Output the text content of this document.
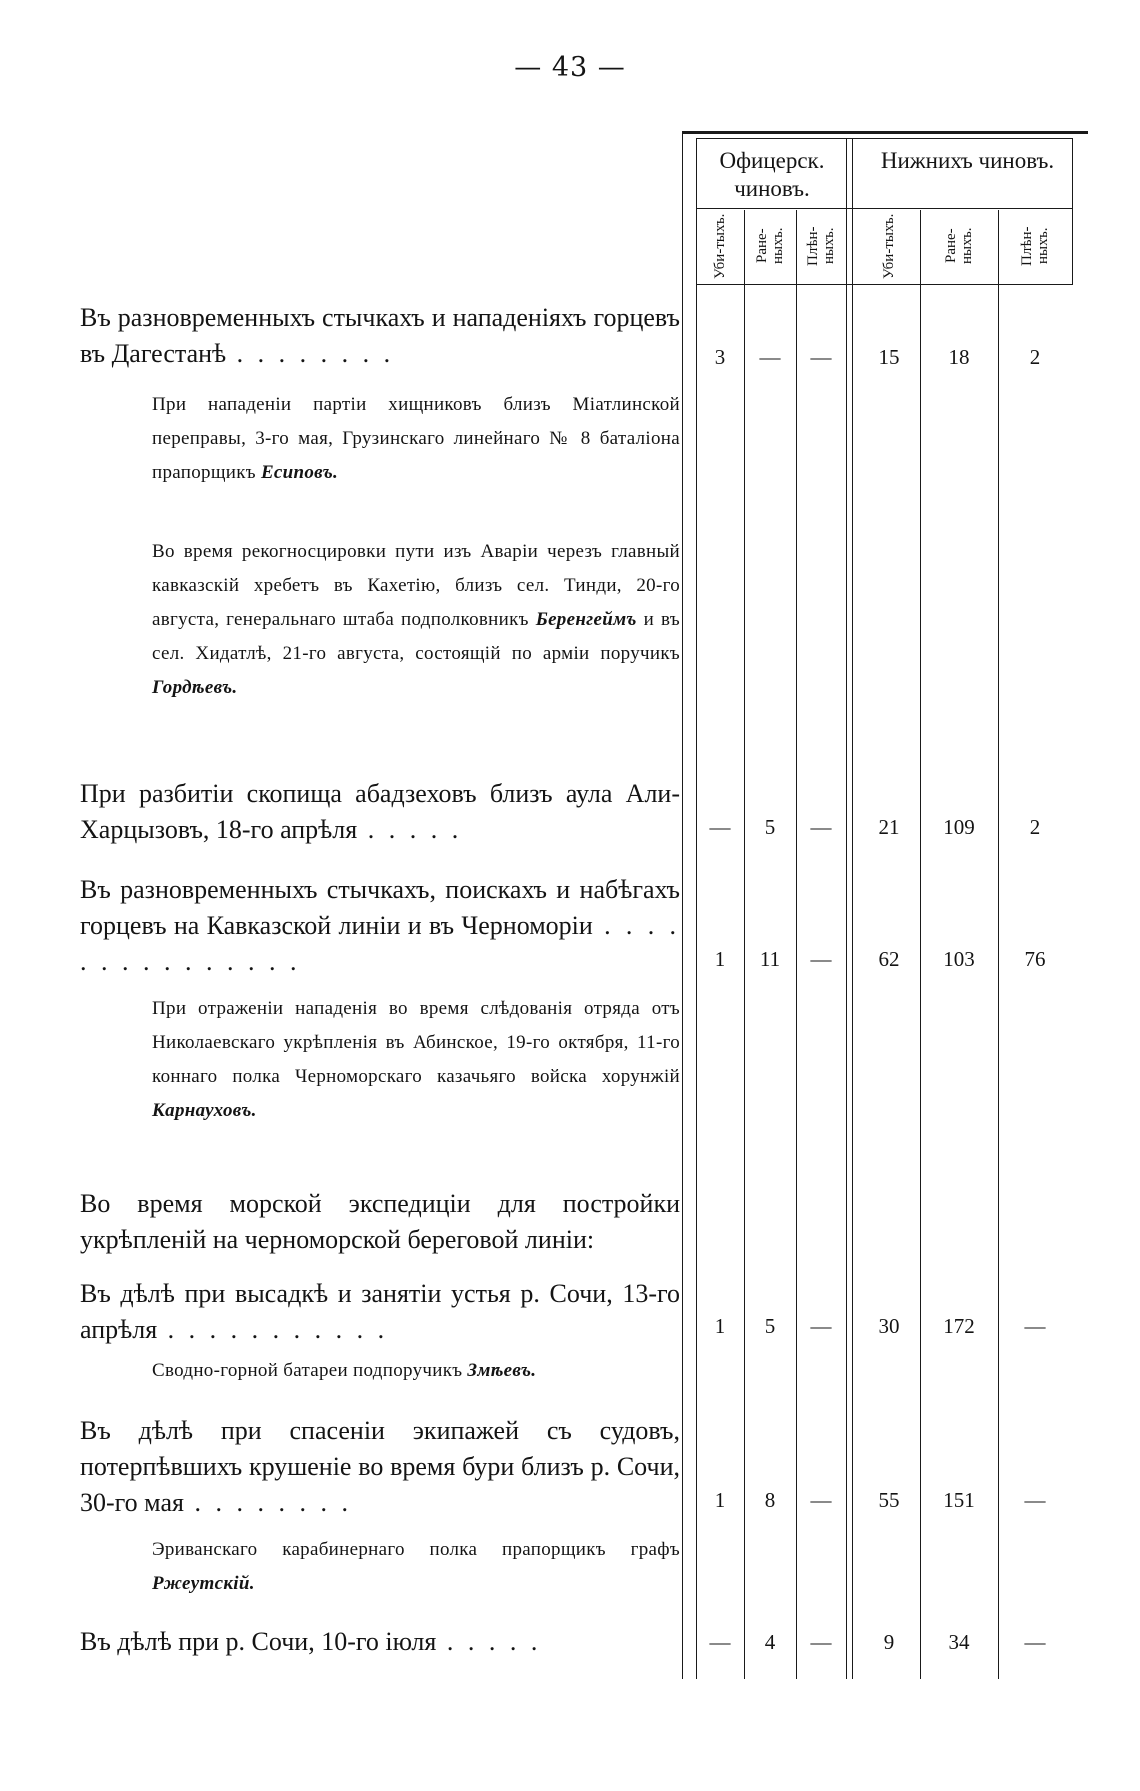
— 43 —
Офицерск. чиновъ.
Нижнихъ чиновъ.
Уби-тыхъ.	Ране-ныхъ.	Плѣн-ныхъ.	Уби-тыхъ.	Ране-ныхъ.	Плѣн-ныхъ.

Въ разновременныхъ стычкахъ и нападеніяхъ горцевъ въ Дагестанѣ . . . . . . . .	3	—	—	15	18	2

При нападеніи партіи хищниковъ близъ Міатлинской переправы, 3-го мая, Грузинскаго линейнаго № 8 баталіона прапорщикъ Есиповъ.

Во время рекогносцировки пути изъ Аваріи черезъ главный кавказскій хребетъ въ Кахетію, близъ сел. Тинди, 20-го августа, генеральнаго штаба подполковникъ Беренгеймъ и въ сел. Хидатлѣ, 21-го августа, состоящій по арміи поручикъ Гордѣевъ.

При разбитіи скопища абадзеховъ близъ аула Али-Харцызовъ, 18-го апрѣля . . . . .	—	5	—	21	109	2

Въ разновременныхъ стычкахъ, поискахъ и набѣгахъ горцевъ на Кавказской линіи и въ Черноморіи . . . . . . . . . . . . . . .	1	11	—	62	103	76

При отраженіи нападенія во время слѣдованія отряда отъ Николаевскаго укрѣпленія въ Абинское, 19-го октября, 11-го коннаго полка Черноморскаго казачьяго войска хорунжій Карнауховъ.

Во время морской экспедиціи для постройки укрѣпленій на черноморской береговой линіи:

Въ дѣлѣ при высадкѣ и занятіи устья р. Сочи, 13-го апрѣля . . . . . . . . . . .	1	5	—	30	172	—

Сводно-горной батареи подпоручикъ Змѣевъ.

Въ дѣлѣ при спасеніи экипажей съ судовъ, потерпѣвшихъ крушеніе во время бури близъ р. Сочи, 30-го мая . . . . . . . .	1	8	—	55	151	—

Эриванскаго карабинернаго полка прапорщикъ графъ Ржеутскій.

Въ дѣлѣ при р. Сочи, 10-го іюля . . . . .	—	4	—	9	34	—
